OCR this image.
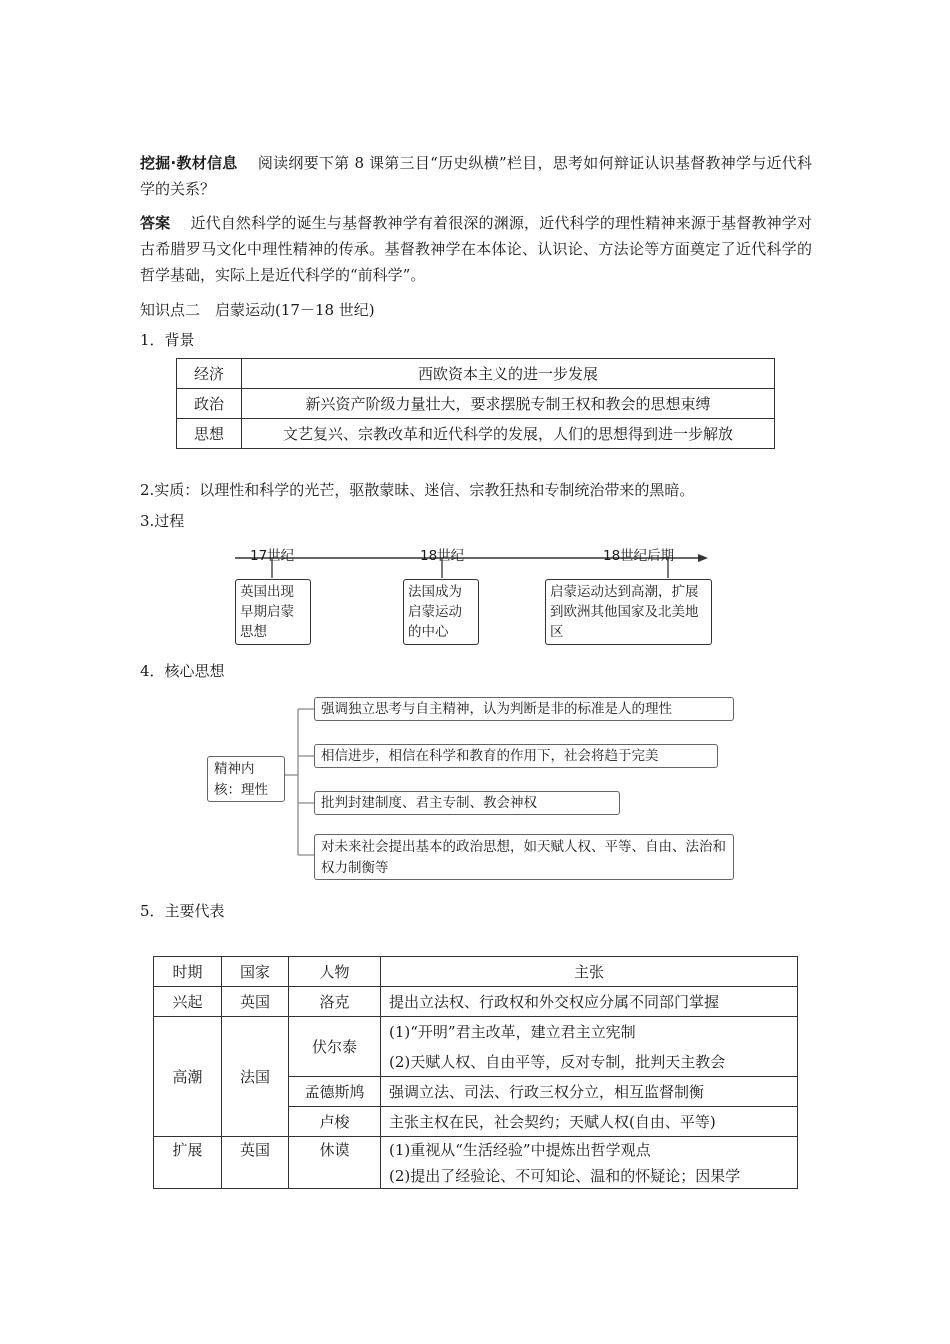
挖掘·教材信息　 阅读纲要下第 8 课第三目“历史纵横”栏目，思考如何辩证认识基督教神学与近代科学的关系？
答案　 近代自然科学的诞生与基督教神学有着很深的渊源，近代科学的理性精神来源于基督教神学对古希腊罗马文化中理性精神的传承。基督教神学在本体论、认识论、方法论等方面奠定了近代科学的哲学基础，实际上是近代科学的“前科学”。
知识点二　启蒙运动(17－18 世纪)
1．背景
经济	西欧资本主义的进一步发展
政治	新兴资产阶级力量壮大，要求摆脱专制王权和教会的思想束缚
思想	文艺复兴、宗教改革和近代科学的发展，人们的思想得到进一步解放
2.实质：以理性和科学的光芒，驱散蒙昧、迷信、宗教狂热和专制统治带来的黑暗。
3.过程
17世纪	18世纪	18世纪后期
英国出现早期启蒙思想
法国成为启蒙运动的中心
启蒙运动达到高潮，扩展到欧洲其他国家及北美地区
4．核心思想
精神内核：理性
强调独立思考与自主精神，认为判断是非的标准是人的理性
相信进步，相信在科学和教育的作用下，社会将趋于完美
批判封建制度、君主专制、教会神权
对未来社会提出基本的政治思想，如天赋人权、平等、自由、法治和权力制衡等
5．主要代表
时期	国家	人物	主张
兴起	英国	洛克	提出立法权、行政权和外交权应分属不同部门掌握
高潮	法国	伏尔泰	(1)“开明”君主改革，建立君主立宪制
			(2)天赋人权、自由平等，反对专制，批判天主教会
		孟德斯鸠	强调立法、司法、行政三权分立，相互监督制衡
		卢梭	主张主权在民，社会契约；天赋人权(自由、平等)
扩展	英国	休谟	(1)重视从“生活经验”中提炼出哲学观点
			(2)提出了经验论、不可知论、温和的怀疑论；因果学
